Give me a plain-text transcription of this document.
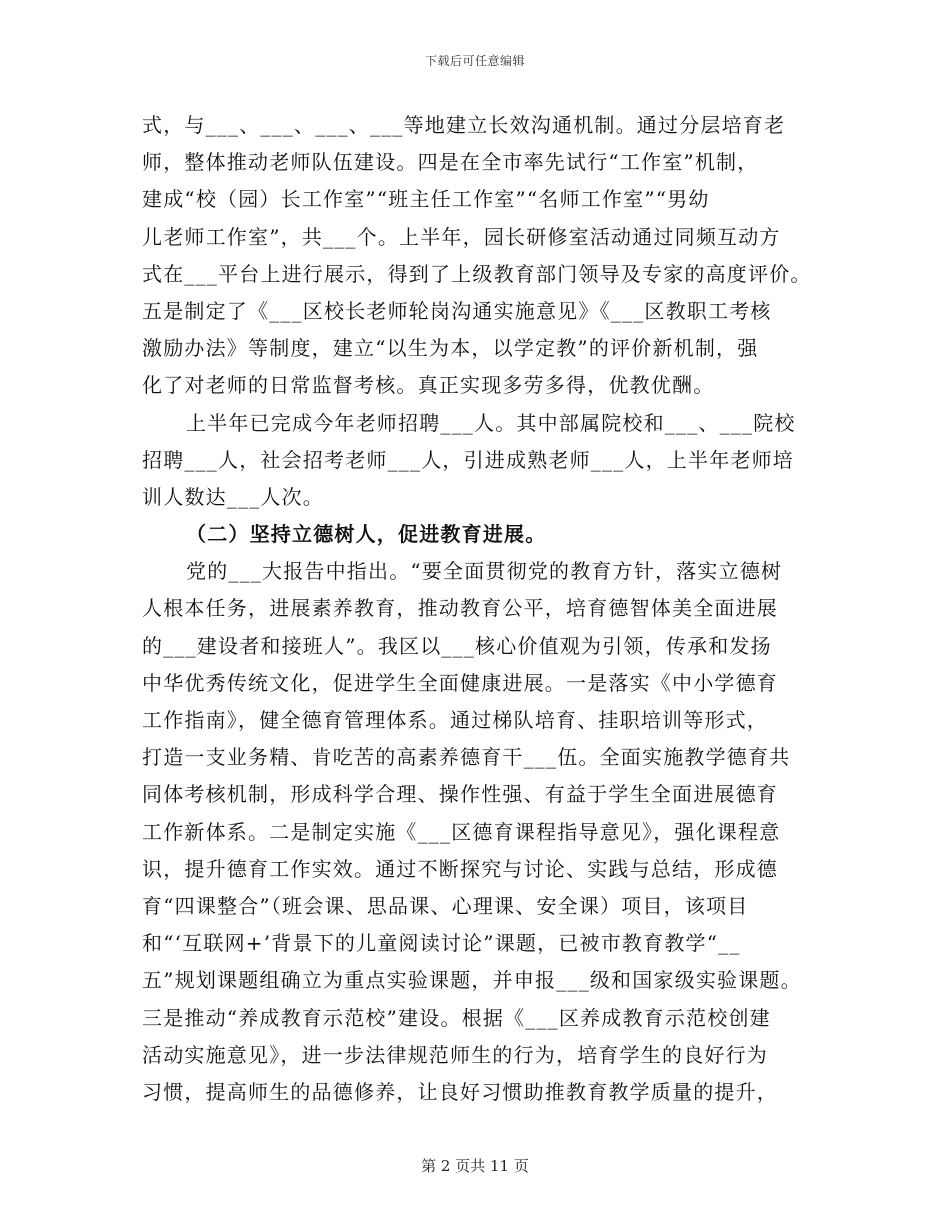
下载后可任意编辑
式，与___、___、___、___等地建立长效沟通机制。通过分层培育老
师，整体推动老师队伍建设。四是在全市率先试行“工作室”机制，
建成“校（园）长工作室”“班主任工作室”“名师工作室”“男幼
儿老师工作室”，共___个。上半年，园长研修室活动通过同频互动方
式在___平台上进行展示，得到了上级教育部门领导及专家的高度评价。
五是制定了《___区校长老师轮岗沟通实施意见》《___区教职工考核
激励办法》等制度，建立“以生为本，以学定教”的评价新机制，强
化了对老师的日常监督考核。真正实现多劳多得，优教优酬。
上半年已完成今年老师招聘___人。其中部属院校和___、___院校
招聘___人，社会招考老师___人，引进成熟老师___人，上半年老师培
训人数达___人次。
（二）坚持立德树人，促进教育进展。
党的___大报告中指出。“要全面贯彻党的教育方针，落实立德树
人根本任务，进展素养教育，推动教育公平，培育德智体美全面进展
的___建设者和接班人”。我区以___核心价值观为引领，传承和发扬
中华优秀传统文化，促进学生全面健康进展。一是落实《中小学德育
工作指南》，健全德育管理体系。通过梯队培育、挂职培训等形式，
打造一支业务精、肯吃苦的高素养德育干___伍。全面实施教学德育共
同体考核机制，形成科学合理、操作性强、有益于学生全面进展德育
工作新体系。二是制定实施《___区德育课程指导意见》，强化课程意
识，提升德育工作实效。通过不断探究与讨论、实践与总结，形成德
育“四课整合”（班会课、思品课、心理课、安全课）项目，该项目
和“‘互联网+’背景下的儿童阅读讨论”课题，已被市教育教学“__
五”规划课题组确立为重点实验课题，并申报___级和国家级实验课题。
三是推动“养成教育示范校”建设。根据《___区养成教育示范校创建
活动实施意见》，进一步法律规范师生的行为，培育学生的良好行为
习惯，提高师生的品德修养，让良好习惯助推教育教学质量的提升，
第 2 页共 11 页
